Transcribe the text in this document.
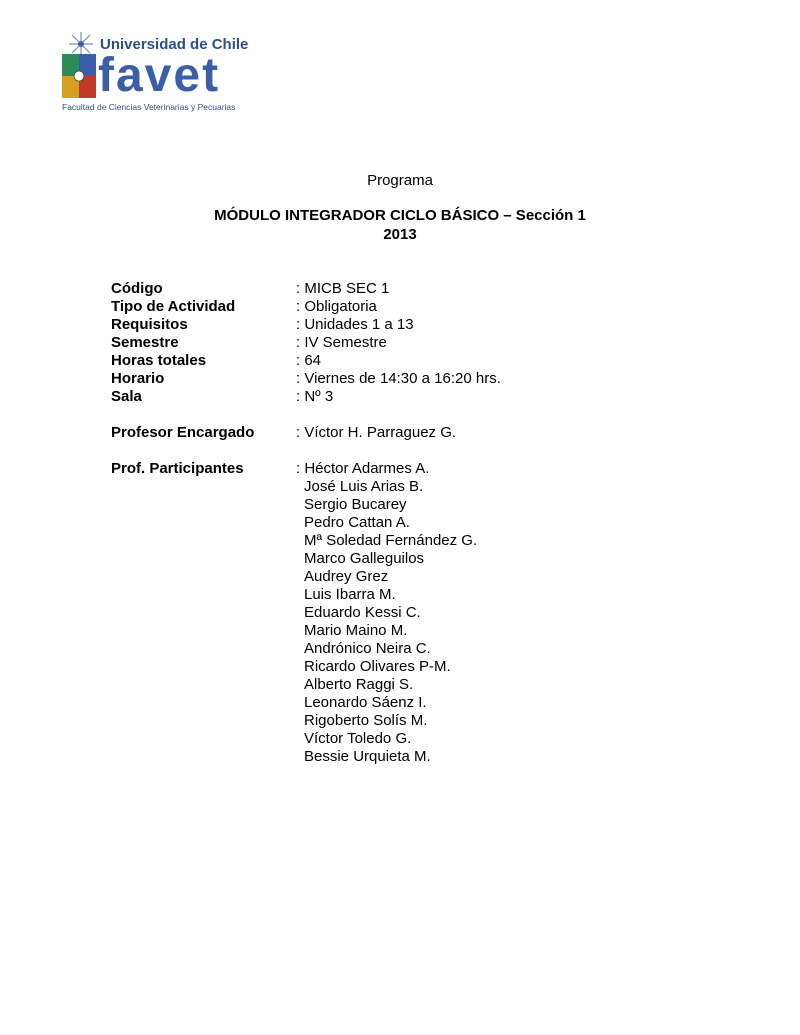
Universidad de Chile
favet
Facultad de Ciencias Veterinarias y Pecuarias
Programa
MÓDULO INTEGRADOR CICLO BÁSICO – Sección 1
2013
Código	: MICB SEC 1
Tipo de Actividad	: Obligatoria
Requisitos	: Unidades 1 a 13
Semestre	: IV Semestre
Horas totales	: 64
Horario	: Viernes de 14:30 a 16:20 hrs.
Sala	: Nº 3
Profesor Encargado	: Víctor H. Parraguez G.
Prof. Participantes	: Héctor Adarmes A.
José Luis Arias B.
Sergio Bucarey
Pedro Cattan A.
Mª Soledad Fernández G.
Marco Galleguilos
Audrey Grez
Luis Ibarra M.
Eduardo Kessi C.
Mario Maino M.
Andrónico Neira C.
Ricardo Olivares P-M.
Alberto Raggi S.
Leonardo Sáenz I.
Rigoberto Solís M.
Víctor Toledo G.
Bessie Urquieta M.
